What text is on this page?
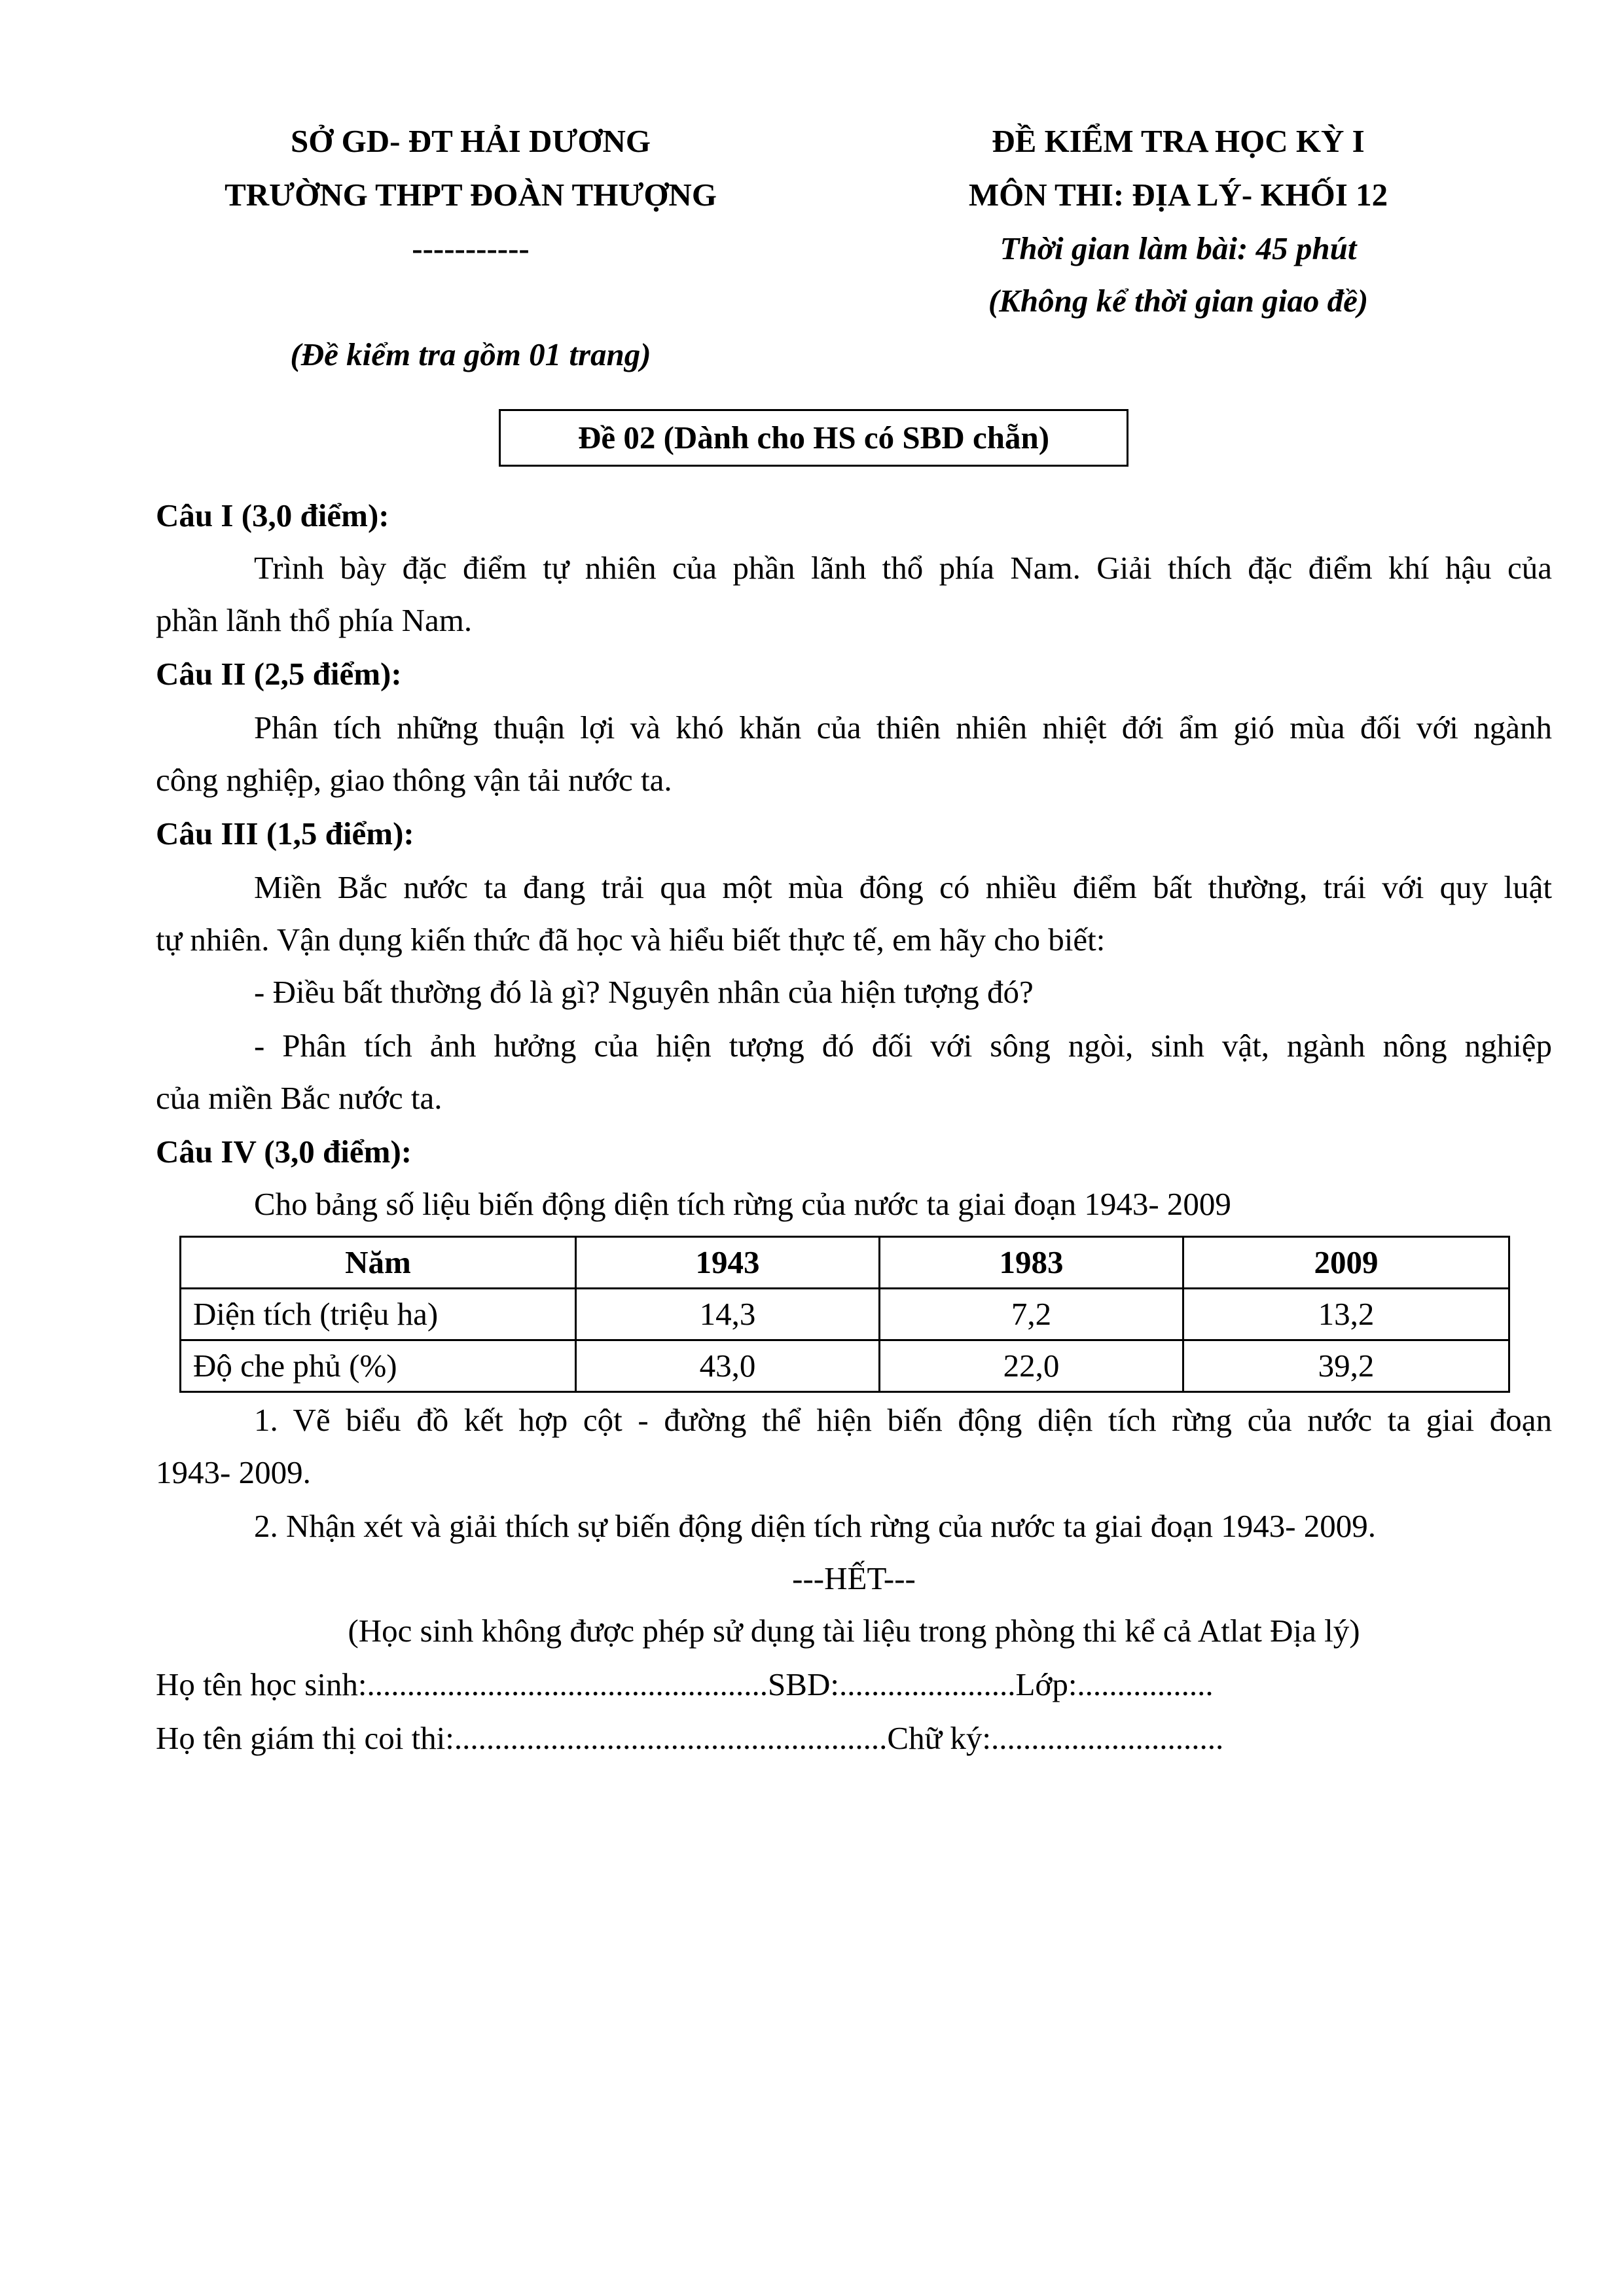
SỞ GD- ĐT HẢI DƯƠNG
TRƯỜNG THPT ĐOÀN THƯỢNG
-----------
(Đề kiểm tra gồm 01 trang)
ĐỀ KIỂM TRA HỌC KỲ I
MÔN THI: ĐỊA LÝ- KHỐI 12
Thời gian làm bài: 45 phút
(Không kể thời gian giao đề)
Đề 02 (Dành cho HS có SBD chẵn)
Câu I (3,0 điểm):
Trình bày đặc điểm tự nhiên của phần lãnh thổ phía Nam. Giải thích đặc điểm khí hậu của
phần lãnh thổ phía Nam.
Câu II (2,5 điểm):
Phân tích những thuận lợi và khó khăn của thiên nhiên nhiệt đới ẩm gió mùa đối với ngành
công nghiệp, giao thông vận tải nước ta.
Câu III (1,5 điểm):
Miền Bắc nước ta đang trải qua một mùa đông có nhiều điểm bất thường, trái với quy luật
tự nhiên. Vận dụng kiến thức đã học và hiểu biết thực tế, em hãy cho biết:
- Điều bất thường đó là gì? Nguyên nhân của hiện tượng đó?
- Phân tích ảnh hưởng của hiện tượng đó đối với sông ngòi, sinh vật, ngành nông nghiệp
của miền Bắc nước ta.
Câu IV (3,0 điểm):
Cho bảng số liệu biến động diện tích rừng của nước ta giai đoạn 1943- 2009
Năm	1943	1983	2009
Diện tích (triệu ha)	14,3	7,2	13,2
Độ che phủ (%)	43,0	22,0	39,2
1. Vẽ biểu đồ kết hợp cột - đường thể hiện biến động diện tích rừng của nước ta giai đoạn
1943- 2009.
2. Nhận xét và giải thích sự biến động diện tích rừng của nước ta giai đoạn 1943- 2009.
---HẾT---
(Học sinh không được phép sử dụng tài liệu trong phòng thi kể cả Atlat Địa lý)
Họ tên học sinh:..................................................SBD:......................Lớp:.................
Họ tên giám thị coi thi:......................................................Chữ ký:.............................
